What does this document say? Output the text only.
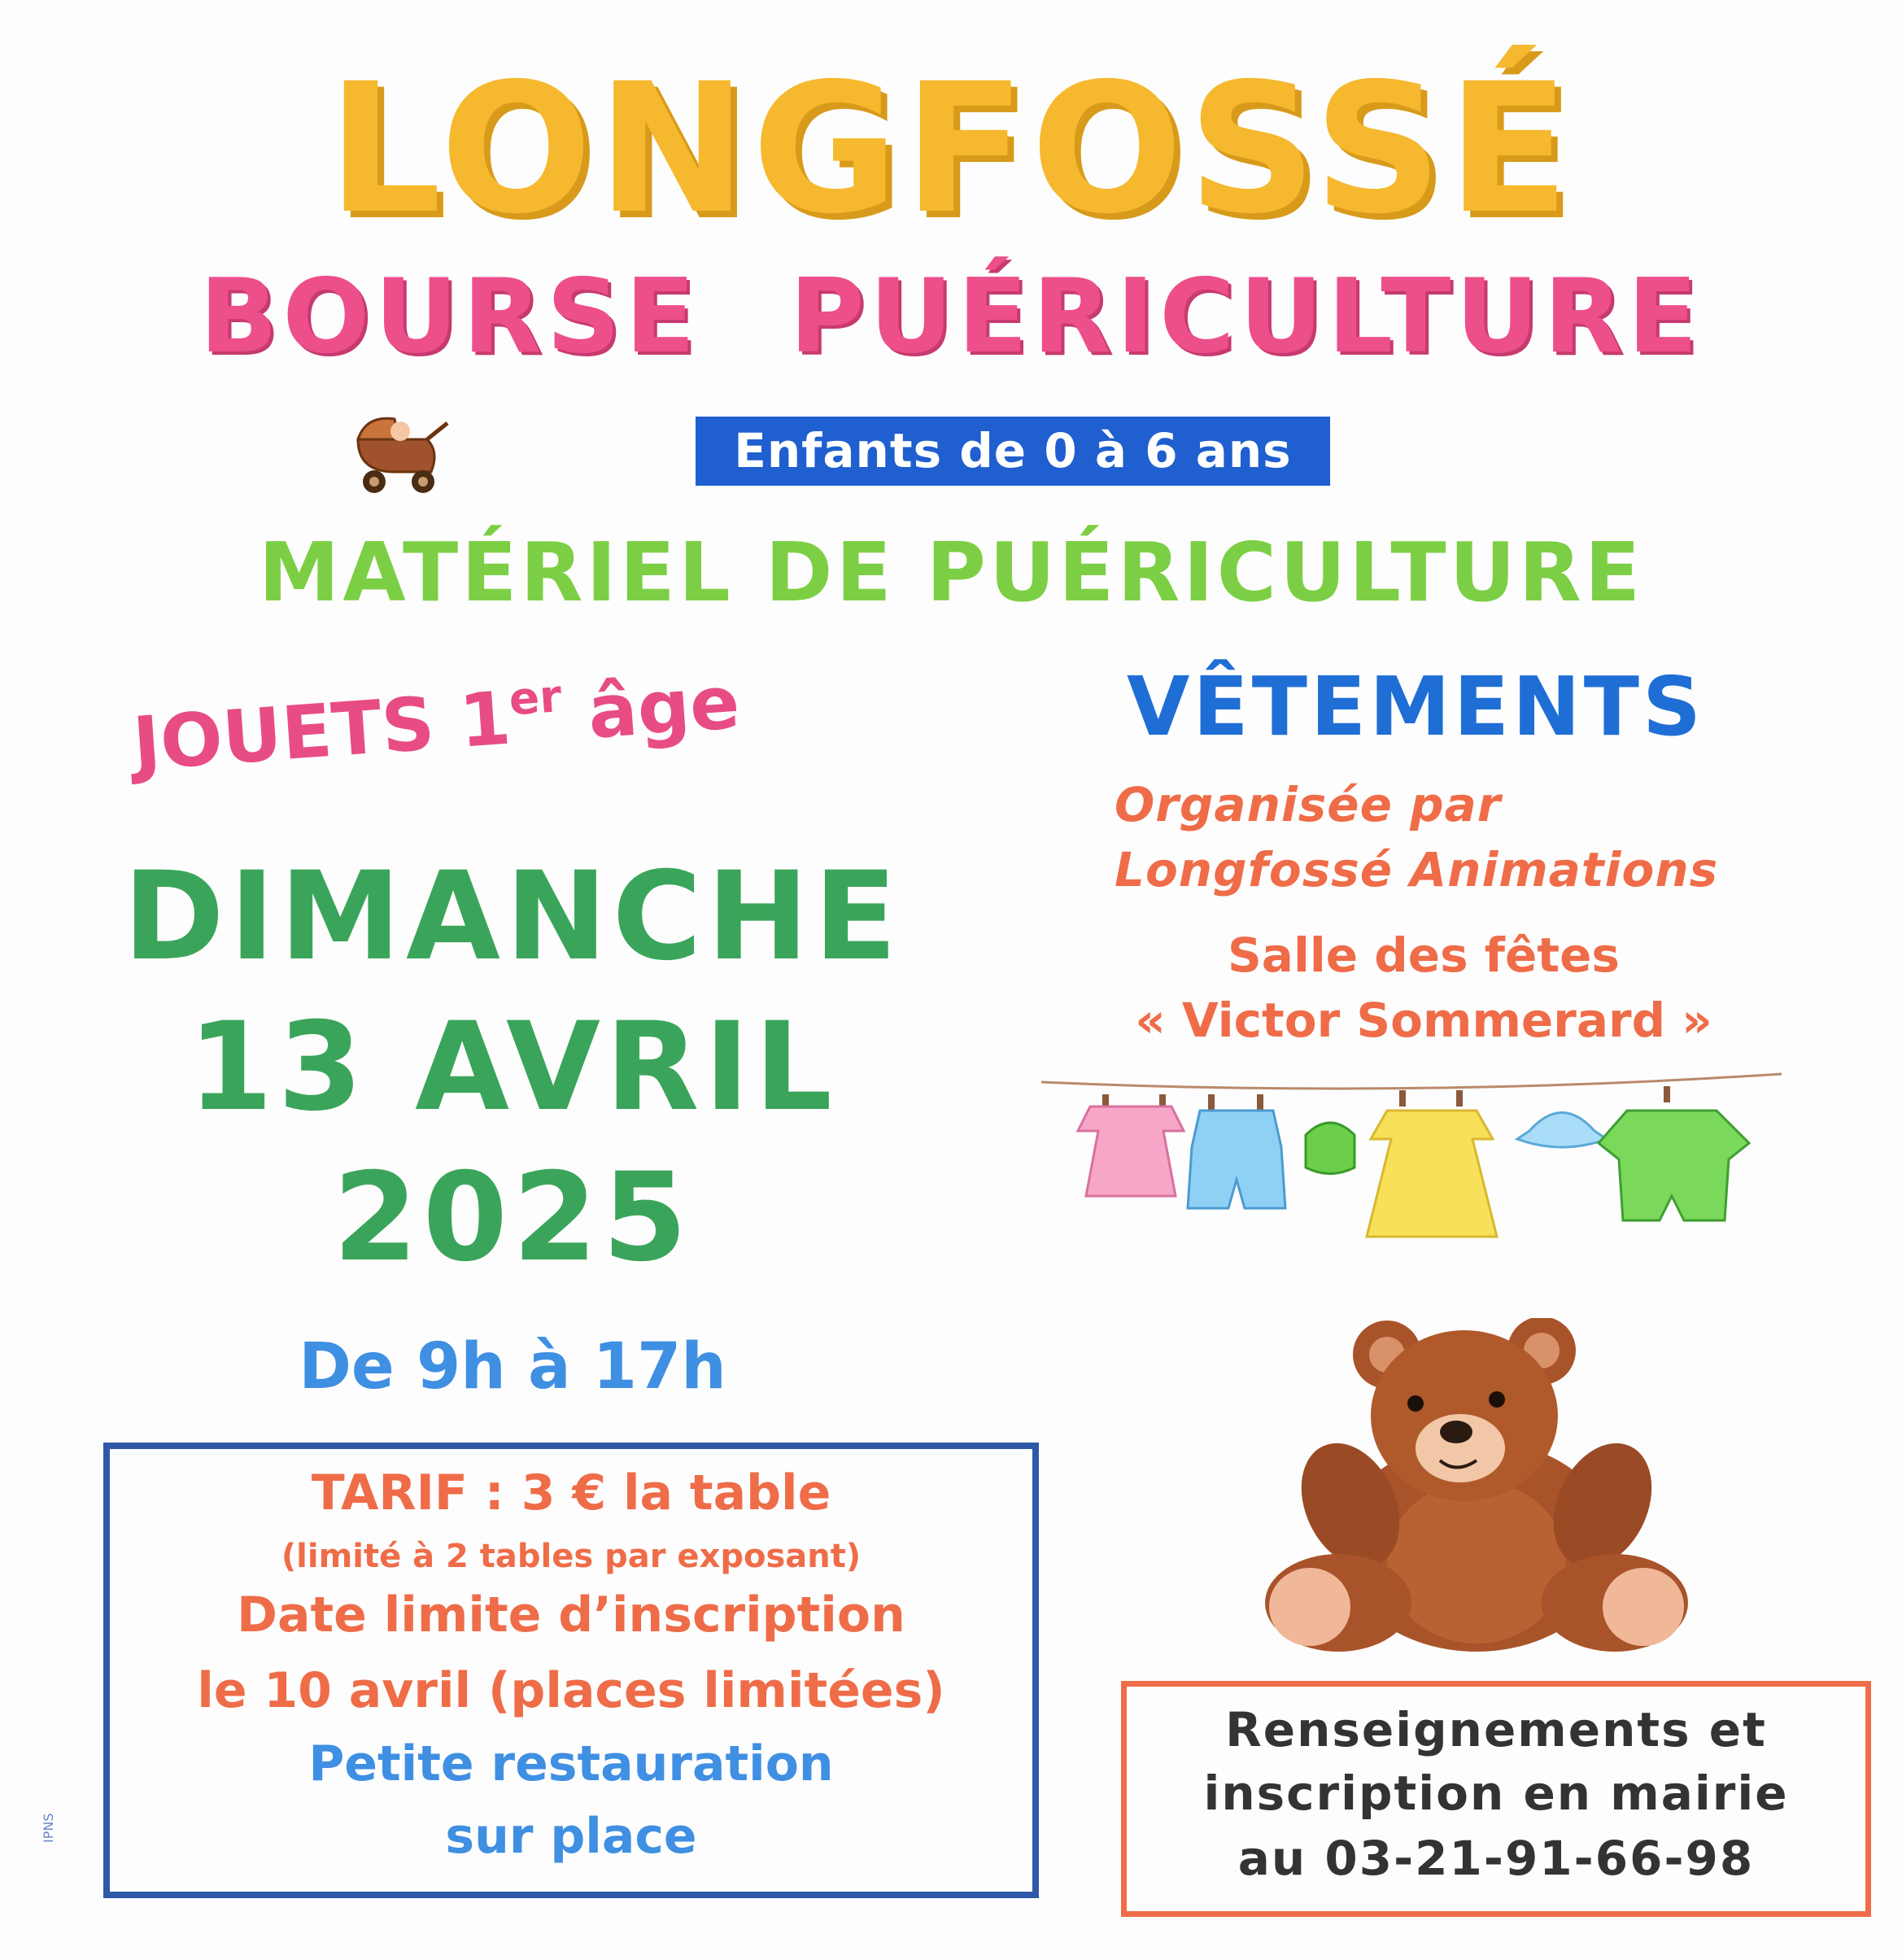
LONGFOSSÉ
BOURSE PUÉRICULTURE
Enfants de 0 à 6 ans
MATÉRIEL DE PUÉRICULTURE
VÊTEMENTS
JOUETS 1er âge
DIMANCHE
13 AVRIL
2025
De 9h à 17h
Organisée par
Longfossé Animations
Salle des fêtes
« Victor Sommerard »
TARIF : 3 € la table
(limité à 2 tables par exposant)
Date limite d’inscription
le 10 avril (places limitées)
Petite restauration
sur place
Renseignements et
inscription en mairie
au 03-21-91-66-98
IPNS
